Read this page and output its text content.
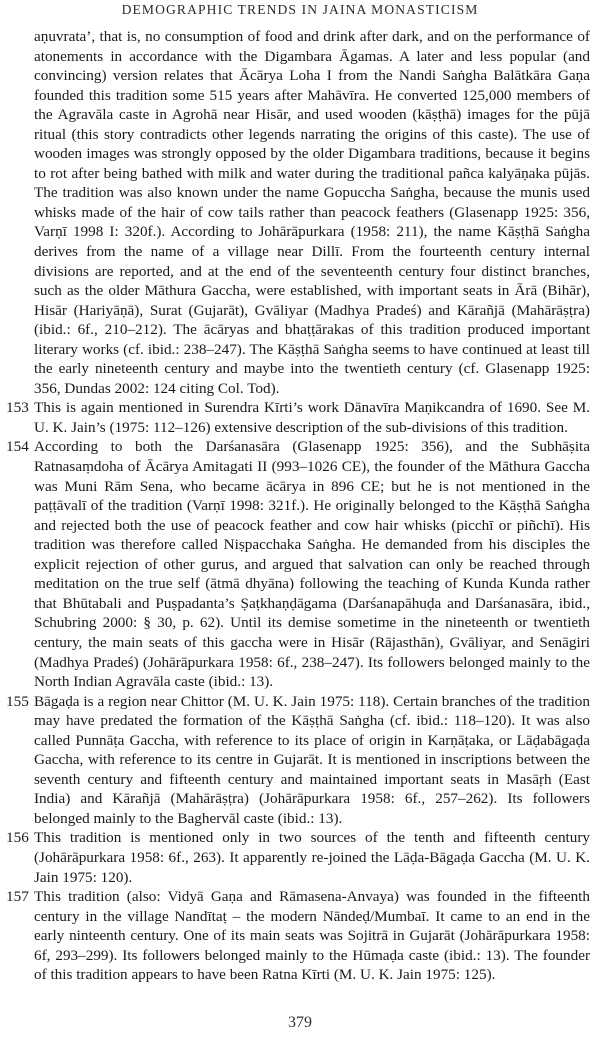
DEMOGRAPHIC TRENDS IN JAINA MONASTICISM
aṇuvrata’, that is, no consumption of food and drink after dark, and on the performance of atonements in accordance with the Digambara Āgamas. A later and less popular (and convincing) version relates that Ācārya Loha I from the Nandi Saṅgha Balātkāra Gaṇa founded this tradition some 515 years after Mahāvīra. He converted 125,000 members of the Agravāla caste in Agrohā near Hisār, and used wooden (kāṣṭhā) images for the pūjā ritual (this story contradicts other legends narrating the origins of this caste). The use of wooden images was strongly opposed by the older Digambara traditions, because it begins to rot after being bathed with milk and water during the traditional pañca kalyāṇaka pūjās. The tradition was also known under the name Gopuccha Saṅgha, because the munis used whisks made of the hair of cow tails rather than peacock feathers (Glasenapp 1925: 356, Varṇī 1998 I: 320f.). According to Johārāpurkara (1958: 211), the name Kāṣṭhā Saṅgha derives from the name of a village near Dillī. From the fourteenth century internal divisions are reported, and at the end of the seventeenth century four distinct branches, such as the older Māthura Gaccha, were established, with important seats in Ārā (Bihār), Hisār (Hariyāṇā), Surat (Gujarāt), Gvāliyar (Madhya Pradeś) and Kārañjā (Mahārāṣṭra) (ibid.: 6f., 210–212). The ācāryas and bhaṭṭārakas of this tradition produced important literary works (cf. ibid.: 238–247). The Kāṣṭhā Saṅgha seems to have continued at least till the early nineteenth century and maybe into the twentieth century (cf. Glasenapp 1925: 356, Dundas 2002: 124 citing Col. Tod).
153 This is again mentioned in Surendra Kīrti’s work Dānavīra Maṇikcandra of 1690. See M. U. K. Jain’s (1975: 112–126) extensive description of the sub-divisions of this tradition.
154 According to both the Darśanasāra (Glasenapp 1925: 356), and the Subhāṣita Ratnasaṃdoha of Ācārya Amitagati II (993–1026 CE), the founder of the Māthura Gaccha was Muni Rām Sena, who became ācārya in 896 CE; but he is not mentioned in the paṭṭāvalī of the tradition (Varṇī 1998: 321f.). He originally belonged to the Kāṣṭhā Saṅgha and rejected both the use of peacock feather and cow hair whisks (picchī or piñchī). His tradition was therefore called Niṣpacchaka Saṅgha. He demanded from his disciples the explicit rejection of other gurus, and argued that salvation can only be reached through meditation on the true self (ātmā dhyāna) following the teaching of Kunda Kunda rather that Bhūtabali and Puṣpadanta’s Ṣaṭkhaṇḍāgama (Darśanapāhuḍa and Darśanasāra, ibid., Schubring 2000: § 30, p. 62). Until its demise sometime in the nineteenth or twentieth century, the main seats of this gaccha were in Hisār (Rājasthān), Gvāliyar, and Senāgiri (Madhya Pradeś) (Johārāpurkara 1958: 6f., 238–247). Its followers belonged mainly to the North Indian Agravāla caste (ibid.: 13).
155 Bāgaḍa is a region near Chittor (M. U. K. Jain 1975: 118). Certain branches of the tradition may have predated the formation of the Kāṣṭhā Saṅgha (cf. ibid.: 118–120). It was also called Punnāṭa Gaccha, with reference to its place of origin in Karṇāṭaka, or Lāḍabāgaḍa Gaccha, with reference to its centre in Gujarāt. It is mentioned in inscriptions between the seventh century and fifteenth century and maintained important seats in Masāṛh (East India) and Kārañjā (Mahārāṣṭra) (Johārāpurkara 1958: 6f., 257–262). Its followers belonged mainly to the Baghervāl caste (ibid.: 13).
156 This tradition is mentioned only in two sources of the tenth and fifteenth century (Johārāpurkara 1958: 6f., 263). It apparently re-joined the Lāḍa-Bāgaḍa Gaccha (M. U. K. Jain 1975: 120).
157 This tradition (also: Vidyā Gaṇa and Rāmasena-Anvaya) was founded in the fifteenth century in the village Nandītaṭ – the modern Nāndeḍ/Mumbaī. It came to an end in the early ninteenth century. One of its main seats was Sojitrā in Gujarāt (Johārāpurkara 1958: 6f, 293–299). Its followers belonged mainly to the Hūmaḍa caste (ibid.: 13). The founder of this tradition appears to have been Ratna Kīrti (M. U. K. Jain 1975: 125).
379
